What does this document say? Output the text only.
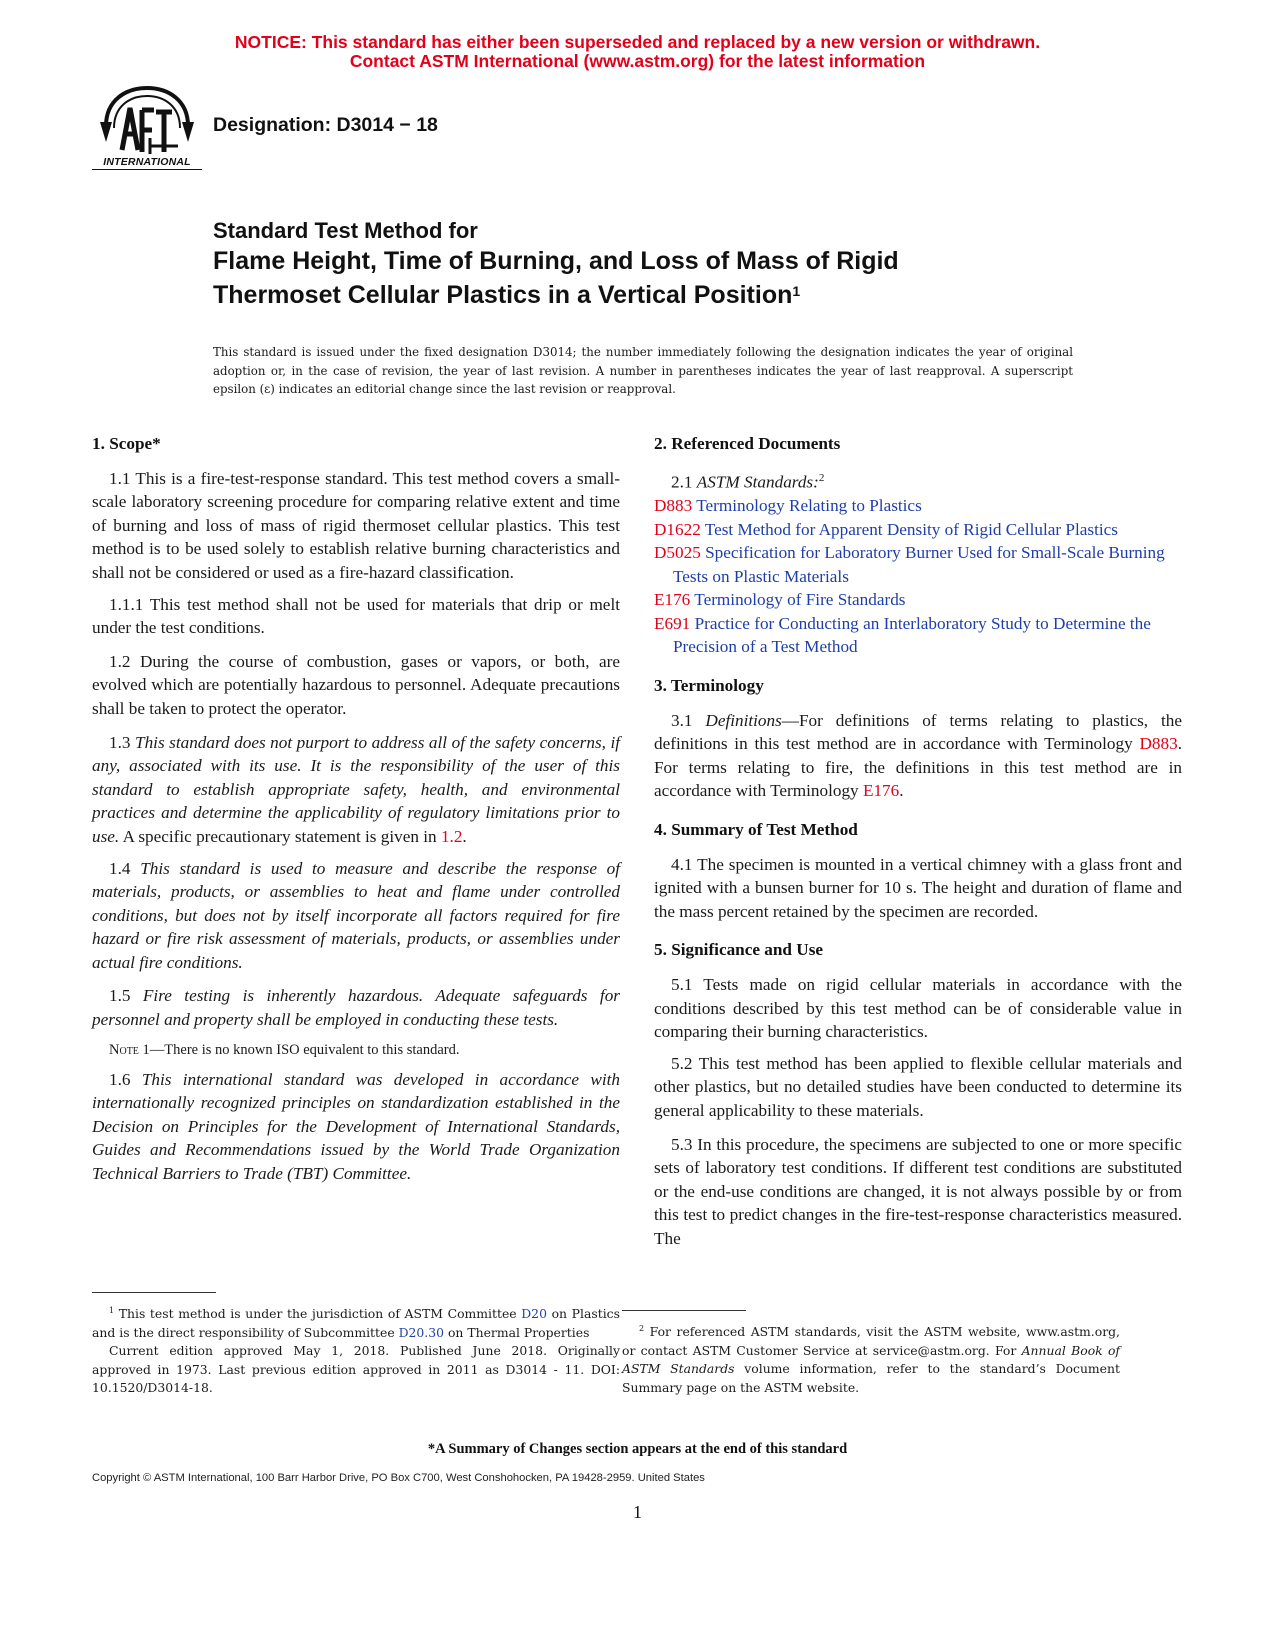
NOTICE: This standard has either been superseded and replaced by a new version or withdrawn.
Contact ASTM International (www.astm.org) for the latest information
INTERNATIONAL
Designation: D3014 − 18
Standard Test Method for
Flame Height, Time of Burning, and Loss of Mass of Rigid
Thermoset Cellular Plastics in a Vertical Position$^1$
This standard is issued under the fixed designation D3014; the number immediately following the designation indicates the year of original adoption or, in the case of revision, the year of last revision. A number in parentheses indicates the year of last reapproval. A superscript epsilon (ε) indicates an editorial change since the last revision or reapproval.
1. Scope*

1.1 This is a fire-test-response standard. This test method covers a small-scale laboratory screening procedure for comparing relative extent and time of burning and loss of mass of rigid thermoset cellular plastics. This test method is to be used solely to establish relative burning characteristics and shall not be considered or used as a fire-hazard classification.

1.1.1 This test method shall not be used for materials that drip or melt under the test conditions.

1.2 During the course of combustion, gases or vapors, or both, are evolved which are potentially hazardous to personnel. Adequate precautions shall be taken to protect the operator.

1.3 This standard does not purport to address all of the safety concerns, if any, associated with its use. It is the responsibility of the user of this standard to establish appropriate safety, health, and environmental practices and determine the applicability of regulatory limitations prior to use. A specific precautionary statement is given in 1.2.

1.4 This standard is used to measure and describe the response of materials, products, or assemblies to heat and flame under controlled conditions, but does not by itself incorporate all factors required for fire hazard or fire risk assessment of materials, products, or assemblies under actual fire conditions.

1.5 Fire testing is inherently hazardous. Adequate safeguards for personnel and property shall be employed in conducting these tests.

Note 1—There is no known ISO equivalent to this standard.

1.6 This international standard was developed in accordance with internationally recognized principles on standardization established in the Decision on Principles for the Development of International Standards, Guides and Recommendations issued by the World Trade Organization Technical Barriers to Trade (TBT) Committee.

2. Referenced Documents
2.1 ASTM Standards:$^2$
D883 Terminology Relating to Plastics
D1622 Test Method for Apparent Density of Rigid Cellular Plastics
D5025 Specification for Laboratory Burner Used for Small-Scale Burning Tests on Plastic Materials
E176 Terminology of Fire Standards
E691 Practice for Conducting an Interlaboratory Study to Determine the Precision of a Test Method
3. Terminology

3.1 Definitions—For definitions of terms relating to plastics, the definitions in this test method are in accordance with Terminology D883. For terms relating to fire, the definitions in this test method are in accordance with Terminology E176.

4. Summary of Test Method

4.1 The specimen is mounted in a vertical chimney with a glass front and ignited with a bunsen burner for 10 s. The height and duration of flame and the mass percent retained by the specimen are recorded.

5. Significance and Use

5.1 Tests made on rigid cellular materials in accordance with the conditions described by this test method can be of considerable value in comparing their burning characteristics.

5.2 This test method has been applied to flexible cellular materials and other plastics, but no detailed studies have been conducted to determine its general applicability to these materials.

5.3 In this procedure, the specimens are subjected to one or more specific sets of laboratory test conditions. If different test conditions are substituted or the end-use conditions are changed, it is not always possible by or from this test to predict changes in the fire-test-response characteristics measured. The

$^1$ This test method is under the jurisdiction of ASTM Committee D20 on Plastics and is the direct responsibility of Subcommittee D20.30 on Thermal Properties

Current edition approved May 1, 2018. Published June 2018. Originally approved in 1973. Last previous edition approved in 2011 as D3014 - 11. DOI: 10.1520/D3014-18.

$^2$ For referenced ASTM standards, visit the ASTM website, www.astm.org, or contact ASTM Customer Service at service@astm.org. For Annual Book of ASTM Standards volume information, refer to the standard’s Document Summary page on the ASTM website.

*A Summary of Changes section appears at the end of this standard
Copyright © ASTM International, 100 Barr Harbor Drive, PO Box C700, West Conshohocken, PA 19428-2959. United States
1
